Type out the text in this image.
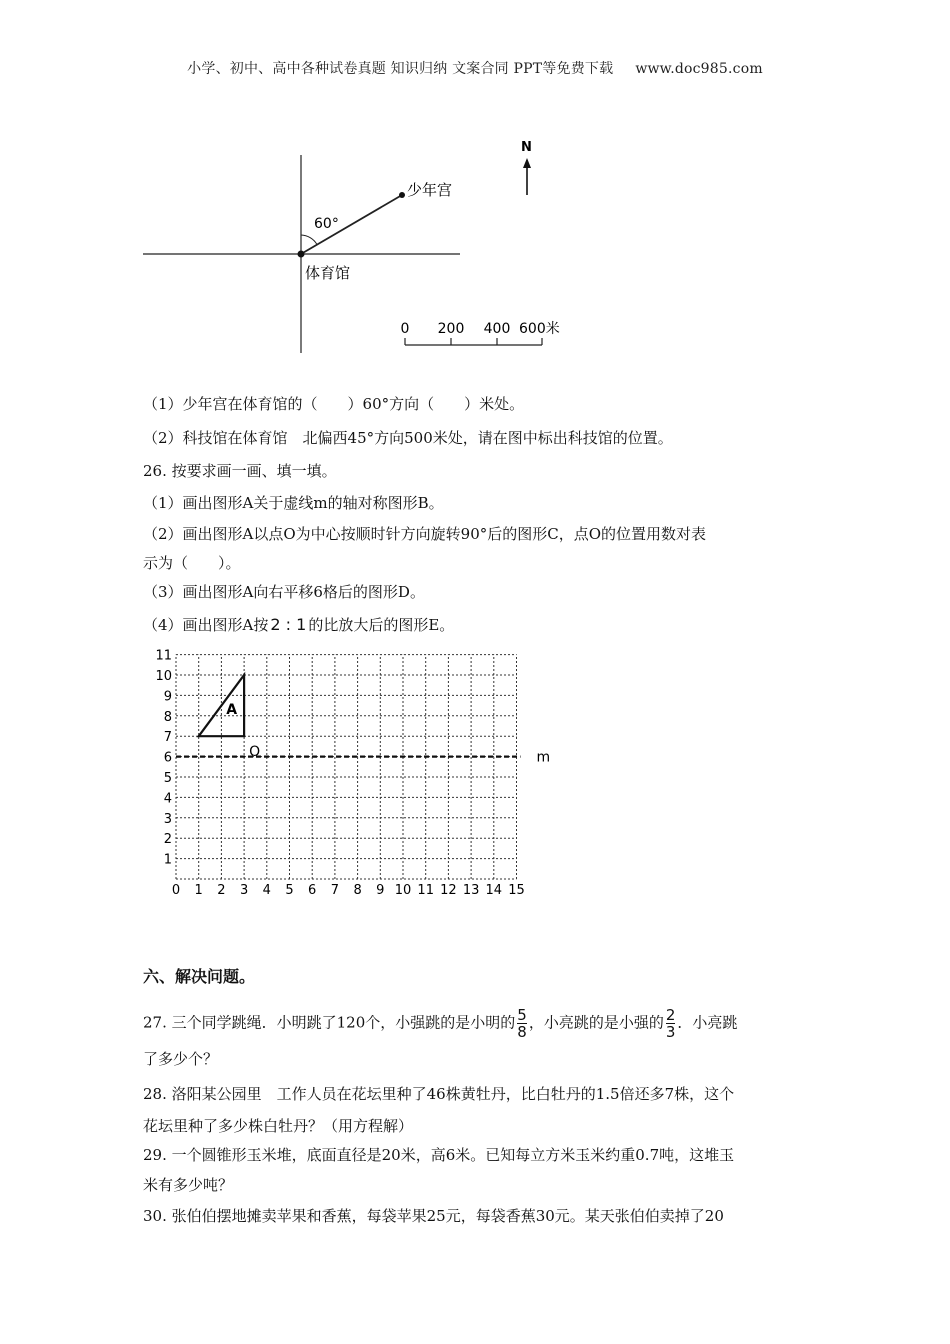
小学、初中、高中各种试卷真题 知识归纳 文案合同 PPT等免费下载 www.doc985.com
60°
少年宫
体育馆
N
0 200 400 600米
（1）少年宫在体育馆的（　　）60°方向（　　）米处。
（2）科技馆在体育馆　北偏西45°方向500米处，请在图中标出科技馆的位置。
26. 按要求画一画、填一填。
（1）画出图形A关于虚线m的轴对称图形B。
（2）画出图形A以点O为中心按顺时针方向旋转90°后的图形C，点O的位置用数对表
示为（　　）。
（3）画出图形A向右平移6格后的图形D。
（4）画出图形A按 2 : 1 的比放大后的图形E。
0 1 2 3 4 5 6 7 8 9 10 11 12 13 14 15
1
2
3
4
5
6
7
8
9
10
11
m
A
O
六、解决问题。
27. 三个同学跳绳．小明跳了120个，小强跳的是小明的 $\frac{5}{8}$ ，小亮跳的是小强的 $\frac{2}{3}$ ．小亮跳
了多少个？
28. 洛阳某公园里　工作人员在花坛里种了46株黄牡丹，比白牡丹的1.5倍还多7株，这个
花坛里种了多少株白牡丹？（用方程解）
29. 一个圆锥形玉米堆，底面直径是20米，高6米。已知每立方米玉米约重0.7吨，这堆玉
米有多少吨？
30. 张伯伯摆地摊卖苹果和香蕉，每袋苹果25元，每袋香蕉30元。某天张伯伯卖掉了20
